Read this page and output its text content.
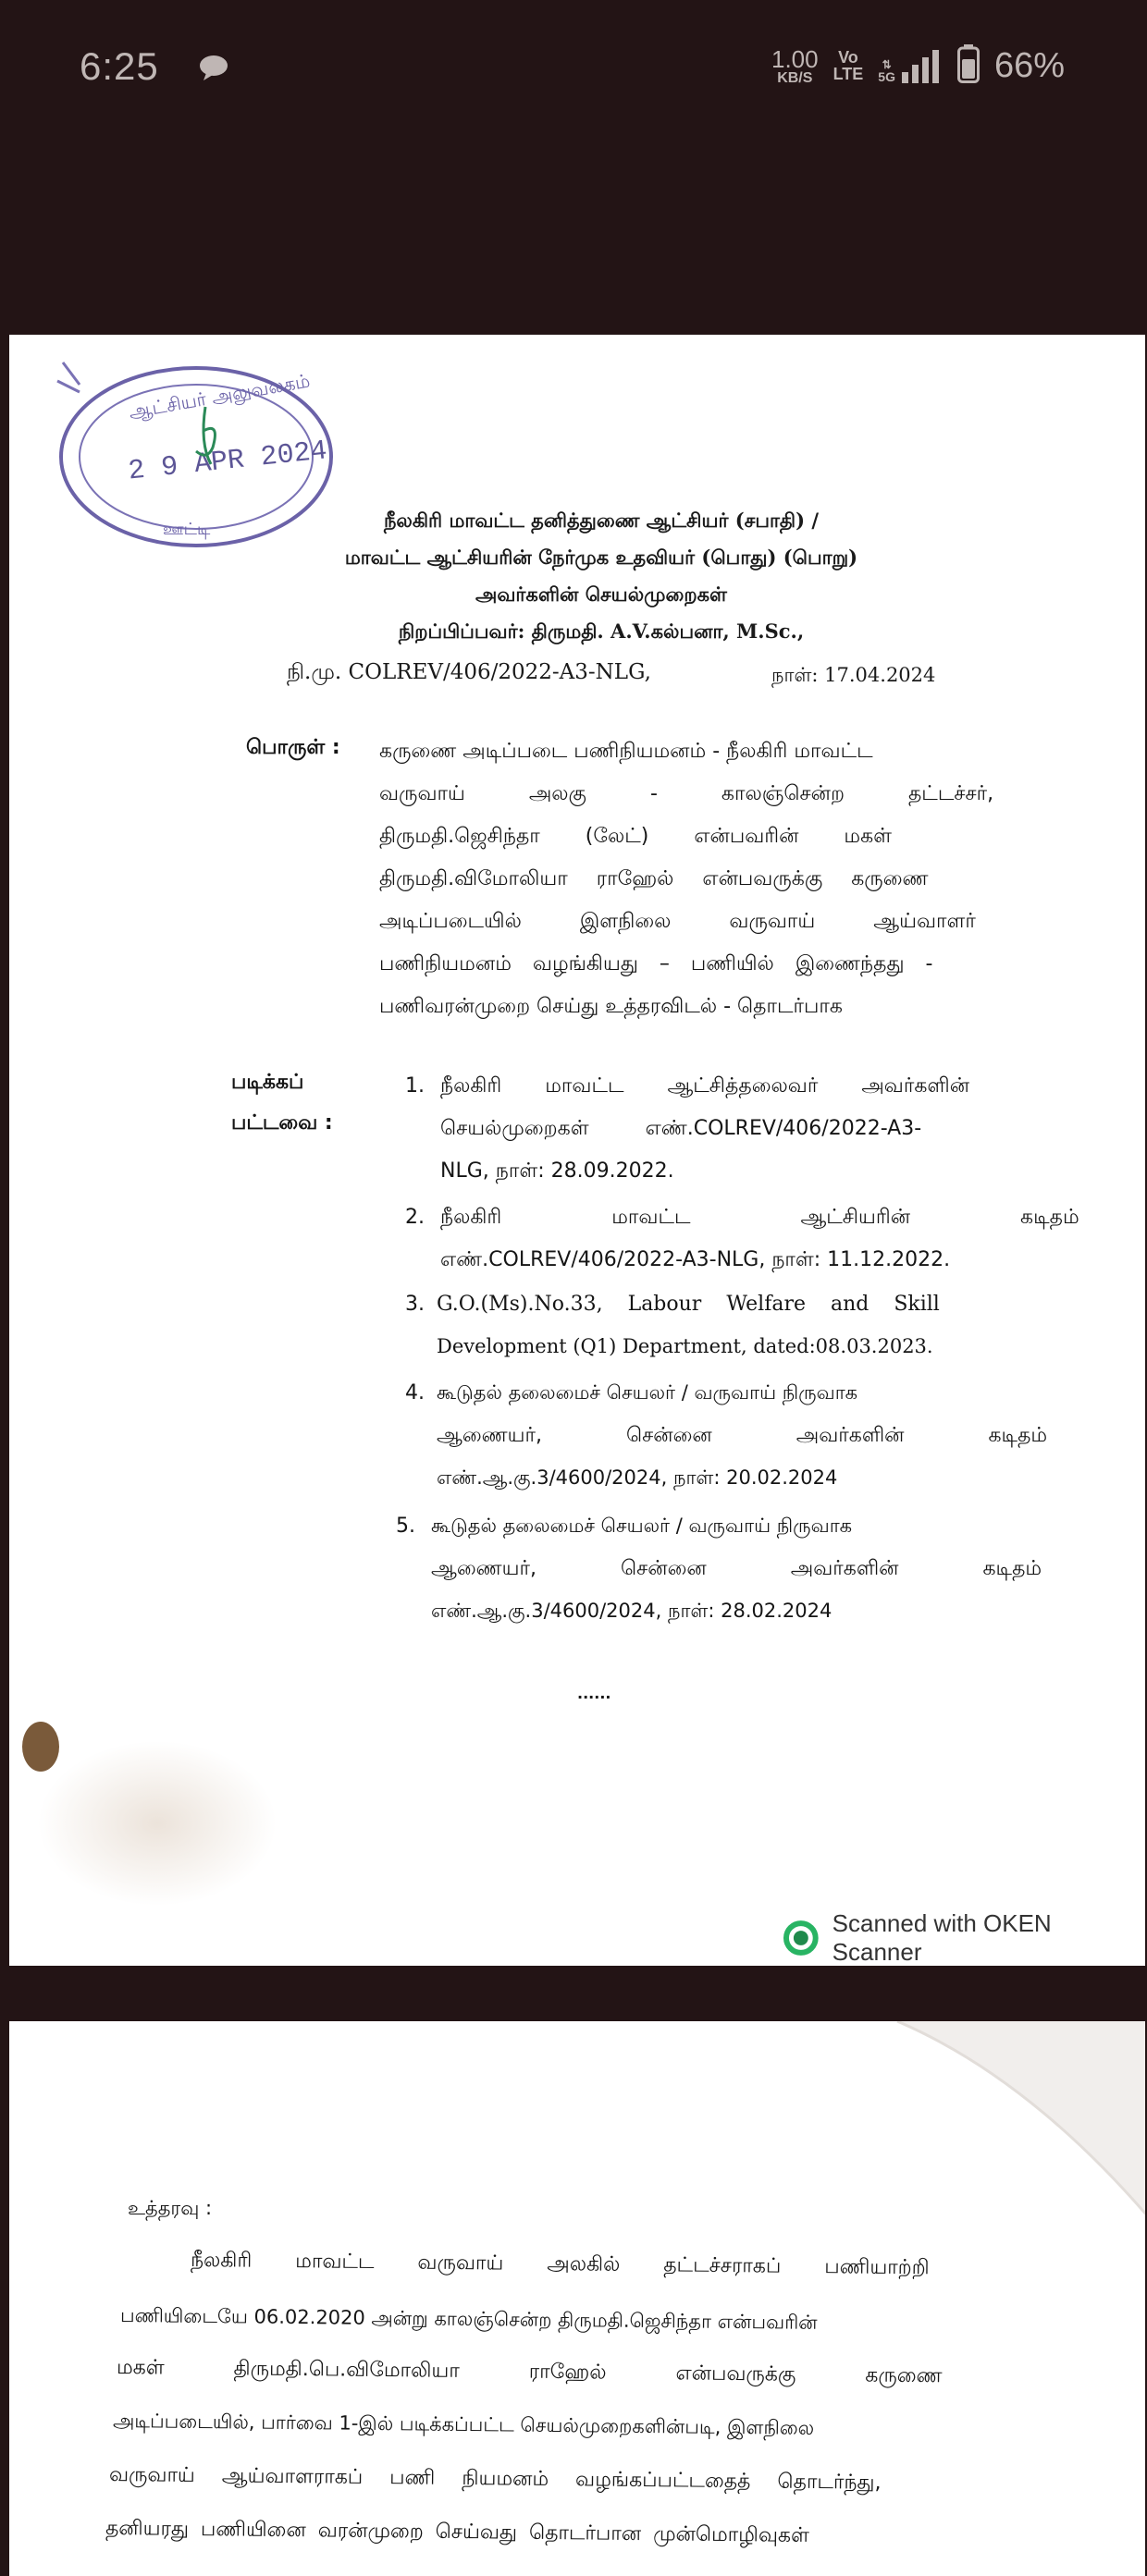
6:25	1.00
KB/S
Vo
LTE ⇅
5G	66%
ஆட்சியர் அலுவலகம்
ஊட்டி
2 9 APR 2024
நீலகிரி மாவட்ட தனித்துணை ஆட்சியர் (சபாதி) /
மாவட்ட ஆட்சியரின் நேர்முக உதவியர் (பொது) (பொறு)
அவர்களின் செயல்முறைகள்
நிறப்பிப்பவர்: திருமதி. A.V.கல்பனா, M.Sc.,
நி.மு. COLREV/406/2022-A3-NLG,	நாள்: 17.04.2024
பொருள் : கருணை அடிப்படை பணிநியமனம் - நீலகிரி மாவட்ட
வருவாய் அலகு - காலஞ்சென்ற தட்டச்சர்,
திருமதி.ஜெசிந்தா (லேட்) என்பவரின் மகள்
திருமதி.விமோலியா ராஹேல் என்பவருக்கு கருணை
அடிப்படையில் இளநிலை வருவாய் ஆய்வாளர்
பணிநியமனம் வழங்கியது – பணியில் இணைந்தது -
பணிவரன்முறை செய்து உத்தரவிடல் - தொடர்பாக
படிக்கப்
பட்டவை :
1. நீலகிரி மாவட்ட ஆட்சித்தலைவர் அவர்களின்
செயல்முறைகள் எண்.COLREV/406/2022-A3-
NLG, நாள்: 28.09.2022.
2. நீலகிரி மாவட்ட ஆட்சியரின் கடிதம்
எண்.COLREV/406/2022-A3-NLG, நாள்: 11.12.2022.
3. G.O.(Ms).No.33, Labour Welfare and Skill
Development (Q1) Department, dated:08.03.2023.
4. கூடுதல் தலைமைச் செயலர் / வருவாய் நிருவாக
ஆணையர், சென்னை அவர்களின் கடிதம்
எண்.ஆ.கு.3/4600/2024, நாள்: 20.02.2024
5. கூடுதல் தலைமைச் செயலர் / வருவாய் நிருவாக
ஆணையர், சென்னை அவர்களின் கடிதம்
எண்.ஆ.கு.3/4600/2024, நாள்: 28.02.2024
......
Scanned with OKEN Scanner
உத்தரவு :
நீலகிரி மாவட்ட வருவாய் அலகில் தட்டச்சராகப் பணியாற்றி
பணியிடையே 06.02.2020 அன்று காலஞ்சென்ற திருமதி.ஜெசிந்தா என்பவரின்
மகள் திருமதி.பெ.விமோலியா ராஹேல் என்பவருக்கு கருணை
அடிப்படையில், பார்வை 1-இல் படிக்கப்பட்ட செயல்முறைகளின்படி, இளநிலை
வருவாய் ஆய்வாளராகப் பணி நியமனம் வழங்கப்பட்டதைத் தொடர்ந்து,
தனியரது பணியினை வரன்முறை செய்வது தொடர்பான முன்மொழிவுகள்
